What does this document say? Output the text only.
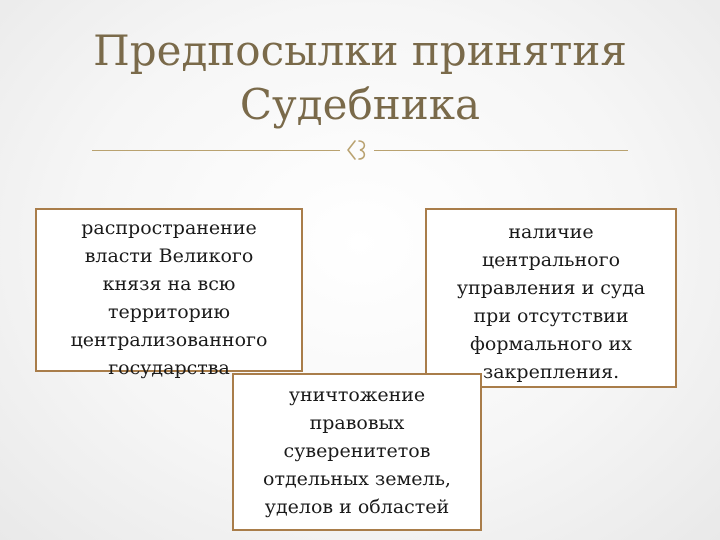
Предпосылки принятия
Судебника
распространение
власти Великого
князя на всю
территорию
централизованного
государства
наличие
центрального
управления и суда
при отсутствии
формального их
закрепления.
уничтожение
правовых
суверенитетов
отдельных земель,
уделов и областей
